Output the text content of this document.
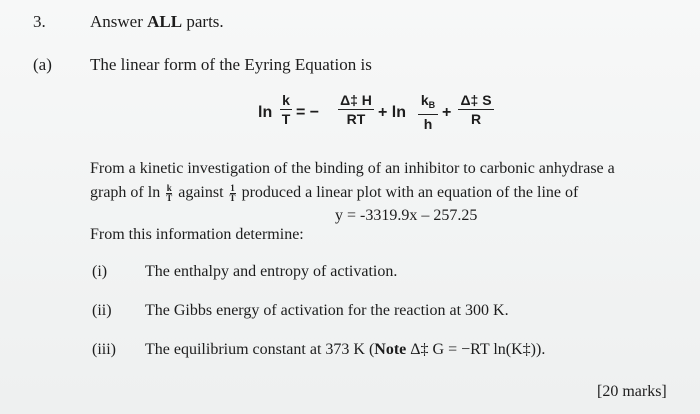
3.	Answer ALL parts.
(a) The linear form of the Eyring Equation is
ln
k
T = −
Δ‡ H
RT + ln
$k_B$
h
+
Δ‡ S
R
From a kinetic investigation of the binding of an inhibitor to carbonic anhydrase a
graph of $\ln \frac{k}{T}$ against $\frac{1}{T}$ produced a linear plot with an equation of the line of
y = -3319.9x – 257.25
From this information determine:
(i) The enthalpy and entropy of activation.
(ii) The Gibbs energy of activation for the reaction at 300 K.
(iii) The equilibrium constant at 373 K (Note Δ‡ G = −RT ln(K‡)).
[20 marks]
